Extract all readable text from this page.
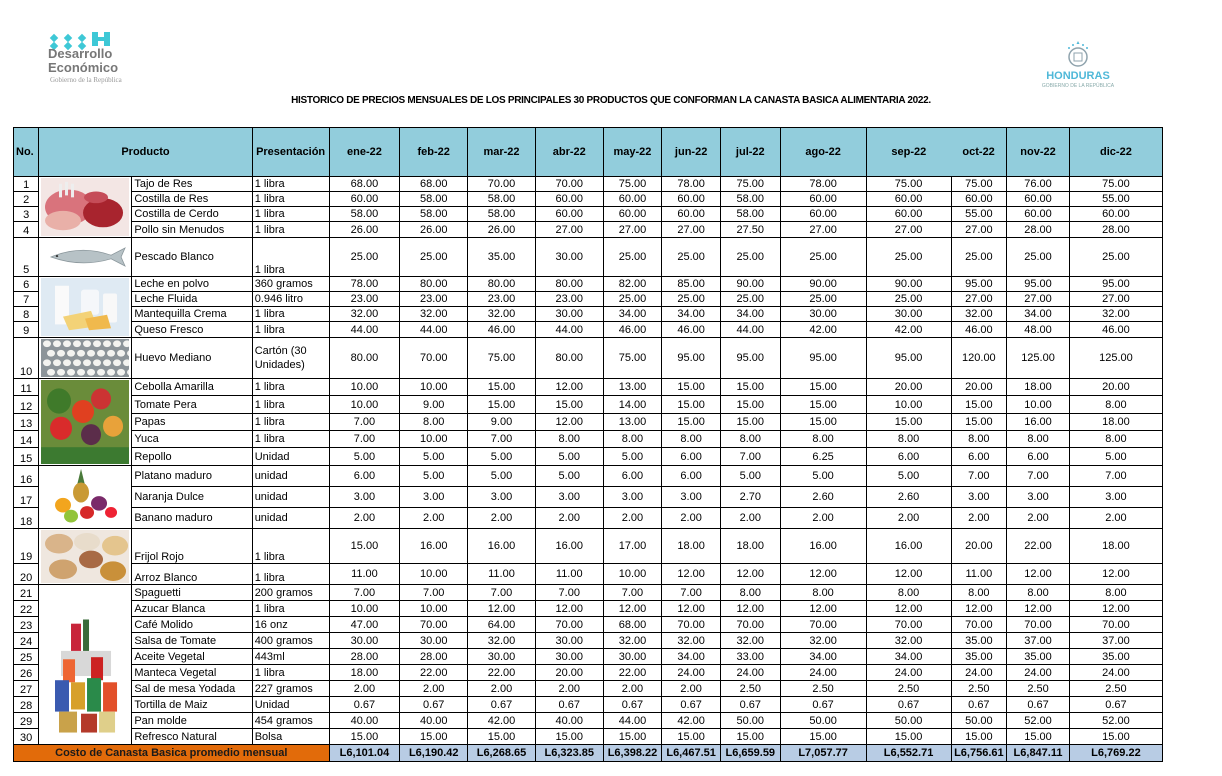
Desarrollo
Económico
Gobierno de la República	HONDURAS
GOBIERNO DE LA REPÚBLICA
HISTORICO DE PRECIOS MENSUALES DE LOS PRINCIPALES 30 PRODUCTOS QUE CONFORMAN LA CANASTA BASICA ALIMENTARIA 2022.
No.	Producto		Presentación	ene-22	feb-22	mar-22	abr-22	may-22	jun-22	jul-22	ago-22	sep-22	oct-22	nov-22	dic-22
1		Tajo de Res	1 libra	68.00	68.00	70.00	70.00	75.00	78.00	75.00	78.00	75.00	75.00	76.00	75.00
2		Costilla de Res	1 libra	60.00	58.00	58.00	60.00	60.00	60.00	58.00	60.00	60.00	60.00	60.00	55.00
3		Costilla de Cerdo	1 libra	58.00	58.00	58.00	60.00	60.00	60.00	58.00	60.00	60.00	55.00	60.00	60.00
4		Pollo sin Menudos	1 libra	26.00	26.00	26.00	27.00	27.00	27.00	27.50	27.00	27.00	27.00	28.00	28.00
5		Pescado Blanco	1 libra	25.00	25.00	35.00	30.00	25.00	25.00	25.00	25.00	25.00	25.00	25.00	25.00
6		Leche en polvo	360 gramos	78.00	80.00	80.00	80.00	82.00	85.00	90.00	90.00	90.00	95.00	95.00	95.00
7		Leche Fluida	0.946 litro	23.00	23.00	23.00	23.00	25.00	25.00	25.00	25.00	25.00	27.00	27.00	27.00
8		Mantequilla Crema	1 libra	32.00	32.00	32.00	30.00	34.00	34.00	34.00	30.00	30.00	32.00	34.00	32.00
9		Queso Fresco	1 libra	44.00	44.00	46.00	44.00	46.00	46.00	44.00	42.00	42.00	46.00	48.00	46.00
10		Huevo Mediano	Cartón (30 Unidades)	80.00	70.00	75.00	80.00	75.00	95.00	95.00	95.00	95.00	120.00	125.00	125.00
11		Cebolla Amarilla	1 libra	10.00	10.00	15.00	12.00	13.00	15.00	15.00	15.00	20.00	20.00	18.00	20.00
12		Tomate Pera	1 libra	10.00	9.00	15.00	15.00	14.00	15.00	15.00	15.00	10.00	15.00	10.00	8.00
13		Papas	1 libra	7.00	8.00	9.00	12.00	13.00	15.00	15.00	15.00	15.00	15.00	16.00	18.00
14		Yuca	1 libra	7.00	10.00	7.00	8.00	8.00	8.00	8.00	8.00	8.00	8.00	8.00	8.00
15		Repollo	Unidad	5.00	5.00	5.00	5.00	5.00	6.00	7.00	6.25	6.00	6.00	6.00	5.00
16		Platano maduro	unidad	6.00	5.00	5.00	5.00	6.00	6.00	5.00	5.00	5.00	7.00	7.00	7.00
17		Naranja Dulce	unidad	3.00	3.00	3.00	3.00	3.00	3.00	2.70	2.60	2.60	3.00	3.00	3.00
18		Banano maduro	unidad	2.00	2.00	2.00	2.00	2.00	2.00	2.00	2.00	2.00	2.00	2.00	2.00
19		Frijol Rojo	1 libra	15.00	16.00	16.00	16.00	17.00	18.00	18.00	16.00	16.00	20.00	22.00	18.00
20		Arroz Blanco	1 libra	11.00	10.00	11.00	11.00	10.00	12.00	12.00	12.00	12.00	11.00	12.00	12.00
21		Spaguetti	200 gramos	7.00	7.00	7.00	7.00	7.00	7.00	8.00	8.00	8.00	8.00	8.00	8.00
22		Azucar Blanca	1 libra	10.00	10.00	12.00	12.00	12.00	12.00	12.00	12.00	12.00	12.00	12.00	12.00
23		Café Molido	16 onz	47.00	70.00	64.00	70.00	68.00	70.00	70.00	70.00	70.00	70.00	70.00	70.00
24		Salsa de Tomate	400 gramos	30.00	30.00	32.00	30.00	32.00	32.00	32.00	32.00	32.00	35.00	37.00	37.00
25		Aceite Vegetal	443ml	28.00	28.00	30.00	30.00	30.00	34.00	33.00	34.00	34.00	35.00	35.00	35.00
26		Manteca Vegetal	1 libra	18.00	22.00	22.00	20.00	22.00	24.00	24.00	24.00	24.00	24.00	24.00	24.00
27		Sal de mesa Yodada	227 gramos	2.00	2.00	2.00	2.00	2.00	2.00	2.50	2.50	2.50	2.50	2.50	2.50
28		Tortilla de Maiz	Unidad	0.67	0.67	0.67	0.67	0.67	0.67	0.67	0.67	0.67	0.67	0.67	0.67
29		Pan molde	454 gramos	40.00	40.00	42.00	40.00	44.00	42.00	50.00	50.00	50.00	50.00	52.00	52.00
30		Refresco Natural	Bolsa	15.00	15.00	15.00	15.00	15.00	15.00	15.00	15.00	15.00	15.00	15.00	15.00
Costo de Canasta Basica promedio mensual				L6,101.04	L6,190.42	L6,268.65	L6,323.85	L6,398.22	L6,467.51	L6,659.59	L7,057.77	L6,552.71	L6,756.61	L6,847.11	L6,769.22
